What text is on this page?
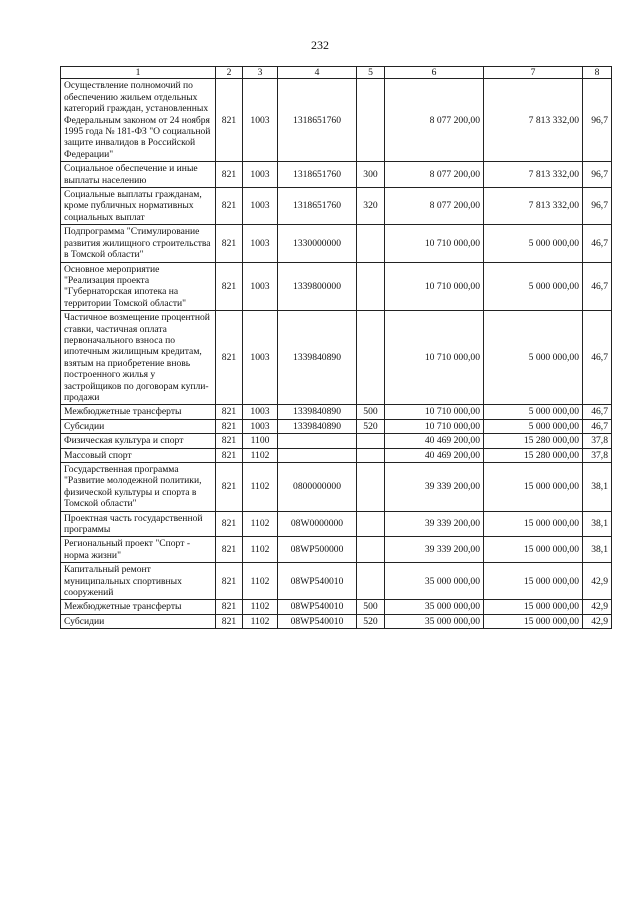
232
1	2	3	4	5	6	7	8
Осуществление полномочий по обеспечению жильем отдельных категорий граждан, установленных Федеральным законом от 24 ноября 1995 года № 181-ФЗ "О социальной защите инвалидов в Российской Федерации"	821	1003	1318651760		8 077 200,00	7 813 332,00	96,7
Социальное обеспечение и иные выплаты населению	821	1003	1318651760	300	8 077 200,00	7 813 332,00	96,7
Социальные выплаты гражданам, кроме публичных нормативных социальных выплат	821	1003	1318651760	320	8 077 200,00	7 813 332,00	96,7
Подпрограмма "Стимулирование развития жилищного строительства в Томской области"	821	1003	1330000000		10 710 000,00	5 000 000,00	46,7
Основное мероприятие "Реализация проекта "Губернаторская ипотека на территории Томской области"	821	1003	1339800000		10 710 000,00	5 000 000,00	46,7
Частичное возмещение процентной ставки, частичная оплата первоначального взноса по ипотечным жилищным кредитам, взятым на приобретение вновь построенного жилья у застройщиков по договорам купли-продажи	821	1003	1339840890		10 710 000,00	5 000 000,00	46,7
Межбюджетные трансферты	821	1003	1339840890	500	10 710 000,00	5 000 000,00	46,7
Субсидии	821	1003	1339840890	520	10 710 000,00	5 000 000,00	46,7
Физическая культура и спорт	821	1100			40 469 200,00	15 280 000,00	37,8
Массовый спорт	821	1102			40 469 200,00	15 280 000,00	37,8
Государственная программа "Развитие молодежной политики, физической культуры и спорта в Томской области"	821	1102	0800000000		39 339 200,00	15 000 000,00	38,1
Проектная часть государственной программы	821	1102	08W0000000		39 339 200,00	15 000 000,00	38,1
Региональный проект "Спорт - норма жизни"	821	1102	08WP500000		39 339 200,00	15 000 000,00	38,1
Капитальный ремонт муниципальных спортивных сооружений	821	1102	08WP540010		35 000 000,00	15 000 000,00	42,9
Межбюджетные трансферты	821	1102	08WP540010	500	35 000 000,00	15 000 000,00	42,9
Субсидии	821	1102	08WP540010	520	35 000 000,00	15 000 000,00	42,9
